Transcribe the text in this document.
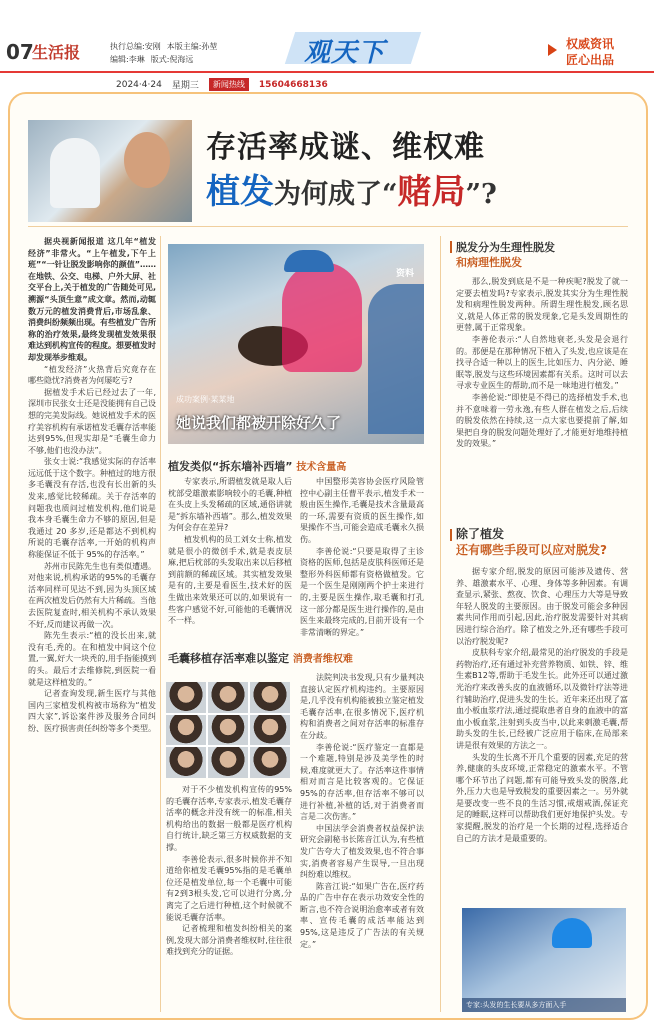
07
生活报	执行总编:安刚 本版主编:孙堃
编辑:李琳 版式:倪海远	观天下	权威资讯
匠心出品
2024·4·24 星期三	新闻热线	15604668136
存活率成谜、维权难
植发为何成了“赌局”?

据央视新闻报道 这几年“植发经济”非常火。“上午植发,下午上班”“一针让脱发影响你的颜值”……在地铁、公交、电梯、户外大屏、社交平台上,关于植发的广告随处可见,溯源“头顶生意”成文章。然而,动辄数万元的植发消费背后,市场乱象、消费纠纷频频出现。有些植发广告所称的治疗效果,最终发现植发效果很难达到机构宣传的程度。想要植发时却发现举步维艰。

“植发经济”火热背后究竟存在哪些隐忧?消费者为何屡吃亏?

据植发手术后已经过去了一年,深圳市民张女士还是没能拥有自己设想的完美发际线。她说植发手术的医疗美容机构有承诺植发毛囊存活率能达到95%,但现实却是“毛囊生命力不够,他们也没办法”。

张女士说:“我感觉实际的存活率远远低于这个数字。种植过的地方很多毛囊没有存活,也没有长出新的头发来,感觉比较稀疏。关于存活率的问题我也质问过植发机构,他们说是我本身毛囊生命力不够的原因,但是我通过 20 多岁,还是都达不到机构所说的毛囊存活率,一开始的机构声称能保证不低于 95%的存活率。”

苏州市民陈先生也有类似遭遇。对他来说,机构承诺的95%的毛囊存活率同样可见达不到,因为头顶区域在两次植发后仍然有大片稀疏。当他去医院复查时,相关机构不承认效果不好,反而建议再做一次。

陈先生表示:“植的没长出来,就没有毛,秃的。在和植发中间这个位置,一翼,好大一块秃的,用手指能摸到的头。最后才去维修院,到医院一看就是这样植发的。”

记者查询发现,新生医疗与其他国内三家植发机构被市场称为“植发四大家”,诉讼案件涉及服务合同纠纷、医疗损害责任纠纷等多个类型。

资料
成功案例·某某地
她说我们都被开除好久了
植发类似“拆东墙补西墙” 技术含量高

专家表示,所谓植发就是取人后枕部受雄激素影响较小的毛囊,种植在头皮上头发稀疏的区域,通俗讲就是“拆东墙补西墙”。那么,植发效果为何会存在差异?

植发机构的员工刘女士称,植发就是很小的微创手术,就是表皮层麻,把后枕部的头发取出来以后移植到前额的稀疏区域。其实植发效果是有的,主要是看医生,技术好的医生做出来效果还可以的,如果说有一些客户感觉不好,可能他的毛囊情况不一样。

中国整形美容协会医疗风险管控中心副主任曹平表示,植发手术一般由医生操作,毛囊是技术含量最高的一环,需要有资质的医生操作,如果操作不当,可能会造成毛囊永久损伤。

李善伦说:“只要是取得了主诊资格的医师,包括是皮肤科医师还是整形外科医师都有资格做植发。它是一个医生是刚刚两个护士来进行的,主要是医生操作,取毛囊和打孔这一部分都是医生进行操作的,是由医生来最终完成的,目前开设有一个非常清晰的界定。”

毛囊移植存活率难以鉴定 消费者维权难

对于不少植发机构宣传的95%的毛囊存活率,专家表示,植发毛囊存活率的概念并没有统一的标准,相关机构给出的数据一般都是医疗机构自行统计,缺乏第三方权威数据的支撑。

李善伦表示,很多时候你并不知道给你植发毛囊95%指的是毛囊单位还是植发单位,每一个毛囊中可能有2到3根头发,它可以进行分离,分离完了之后进行种植,这个时候就不能说毛囊存活率。

记者梳理和植发纠纷相关的案例,发现大部分消费者维权时,往往很难找到充分的证据。

法院判决书发现,只有少量判决直接认定医疗机构违约。主要原因是,几乎没有机构能被独立鉴定植发毛囊存活率,在很多情况下,医疗机构和消费者之间对存活率的标准存在分歧。

李善伦说:“医疗鉴定一直都是一个难题,特别是涉及美学性的时候,难度就更大了。存活率这件事情相对而言是比较客观的。它保证95%的存活率,但存活率不够可以进行补植,补植的话,对于消费者而言是二次伤害。”

中国法学会消费者权益保护法研究会副秘书长陈音江认为,有些植发广告夸大了植发效果,也不符合事实,消费者容易产生误导,一旦出现纠纷难以维权。

陈音江说:“如果广告在,医疗药品的广告中存在表示功效安全性的断言,也不符合说明治愈率或者有效率、宣传毛囊的成活率能达到95%,这是违反了广告法的有关规定。”

脱发分为生理性脱发
和病理性脱发

那么,脱发到底是不是一种疾呢?脱发了就一定要去植发吗?专家表示,脱发其实分为生理性脱发和病理性脱发两种。所谓生理性脱发,顾名思义,就是人体正常的脱发现象,它是头发周期性的更替,属于正常现象。

李善伦表示:“人自然地衰老,头发是会退行的。那便是在那种情况下植入了头发,也应该是在找寻合适一种以上的医生,比如压力、内分泌、睡眠等,脱发与这些环境因素都有关系。这时可以去寻求专业医生的帮助,而不是一味地进行植发。”

李善伦说:“即使是不得已的选择植发手术,也并不意味着一劳永逸,有些人群在植发之后,后续的脱发依然在持续,这一点大家也要提前了解,如果把自身的脱发问题处理好了,才能更好地维持植发的效果。”

除了植发
还有哪些手段可以应对脱发?

据专家介绍,脱发的原因可能涉及遗传、营养、雄激素水平、心理、身体等多种因素。有调查显示,紧张、熬夜、饮食、心理压力大等是导致年轻人脱发的主要原因。由于脱发可能会多种因素共同作用而引起,因此,治疗脱发需要针对其病因进行综合治疗。除了植发之外,还有哪些手段可以治疗脱发呢?

皮肤科专家介绍,最常见的治疗脱发的手段是药物治疗,还有通过补充营养物质、如铁、锌、维生素B12等,帮助于毛发生长。此外还可以通过激光治疗来改善头皮的血液循环,以及微针疗法等进行辅助治疗,促进头发的生长。近年来还出现了富血小板血浆疗法,通过提取患者自身的血液中的富血小板血浆,注射到头皮当中,以此来刺激毛囊,帮助头发的生长,已经被广泛应用于临床,在局部来讲是很有效果的方法之一。

头发的生长离不开几个重要的因素,充足的营养,健康的头皮环境,正常稳定的激素水平。不管哪个环节出了问题,都有可能导致头发的脱落,此外,压力大也是导致脱发的重要因素之一。另外就是要改变一些不良的生活习惯,戒烟戒酒,保证充足的睡眠,这样可以帮助我们更好地保护头发。专家提醒,脱发的治疗是一个长期的过程,选择适合自己的方法才是最重要的。

专家:头发的生长要从多方面入手
